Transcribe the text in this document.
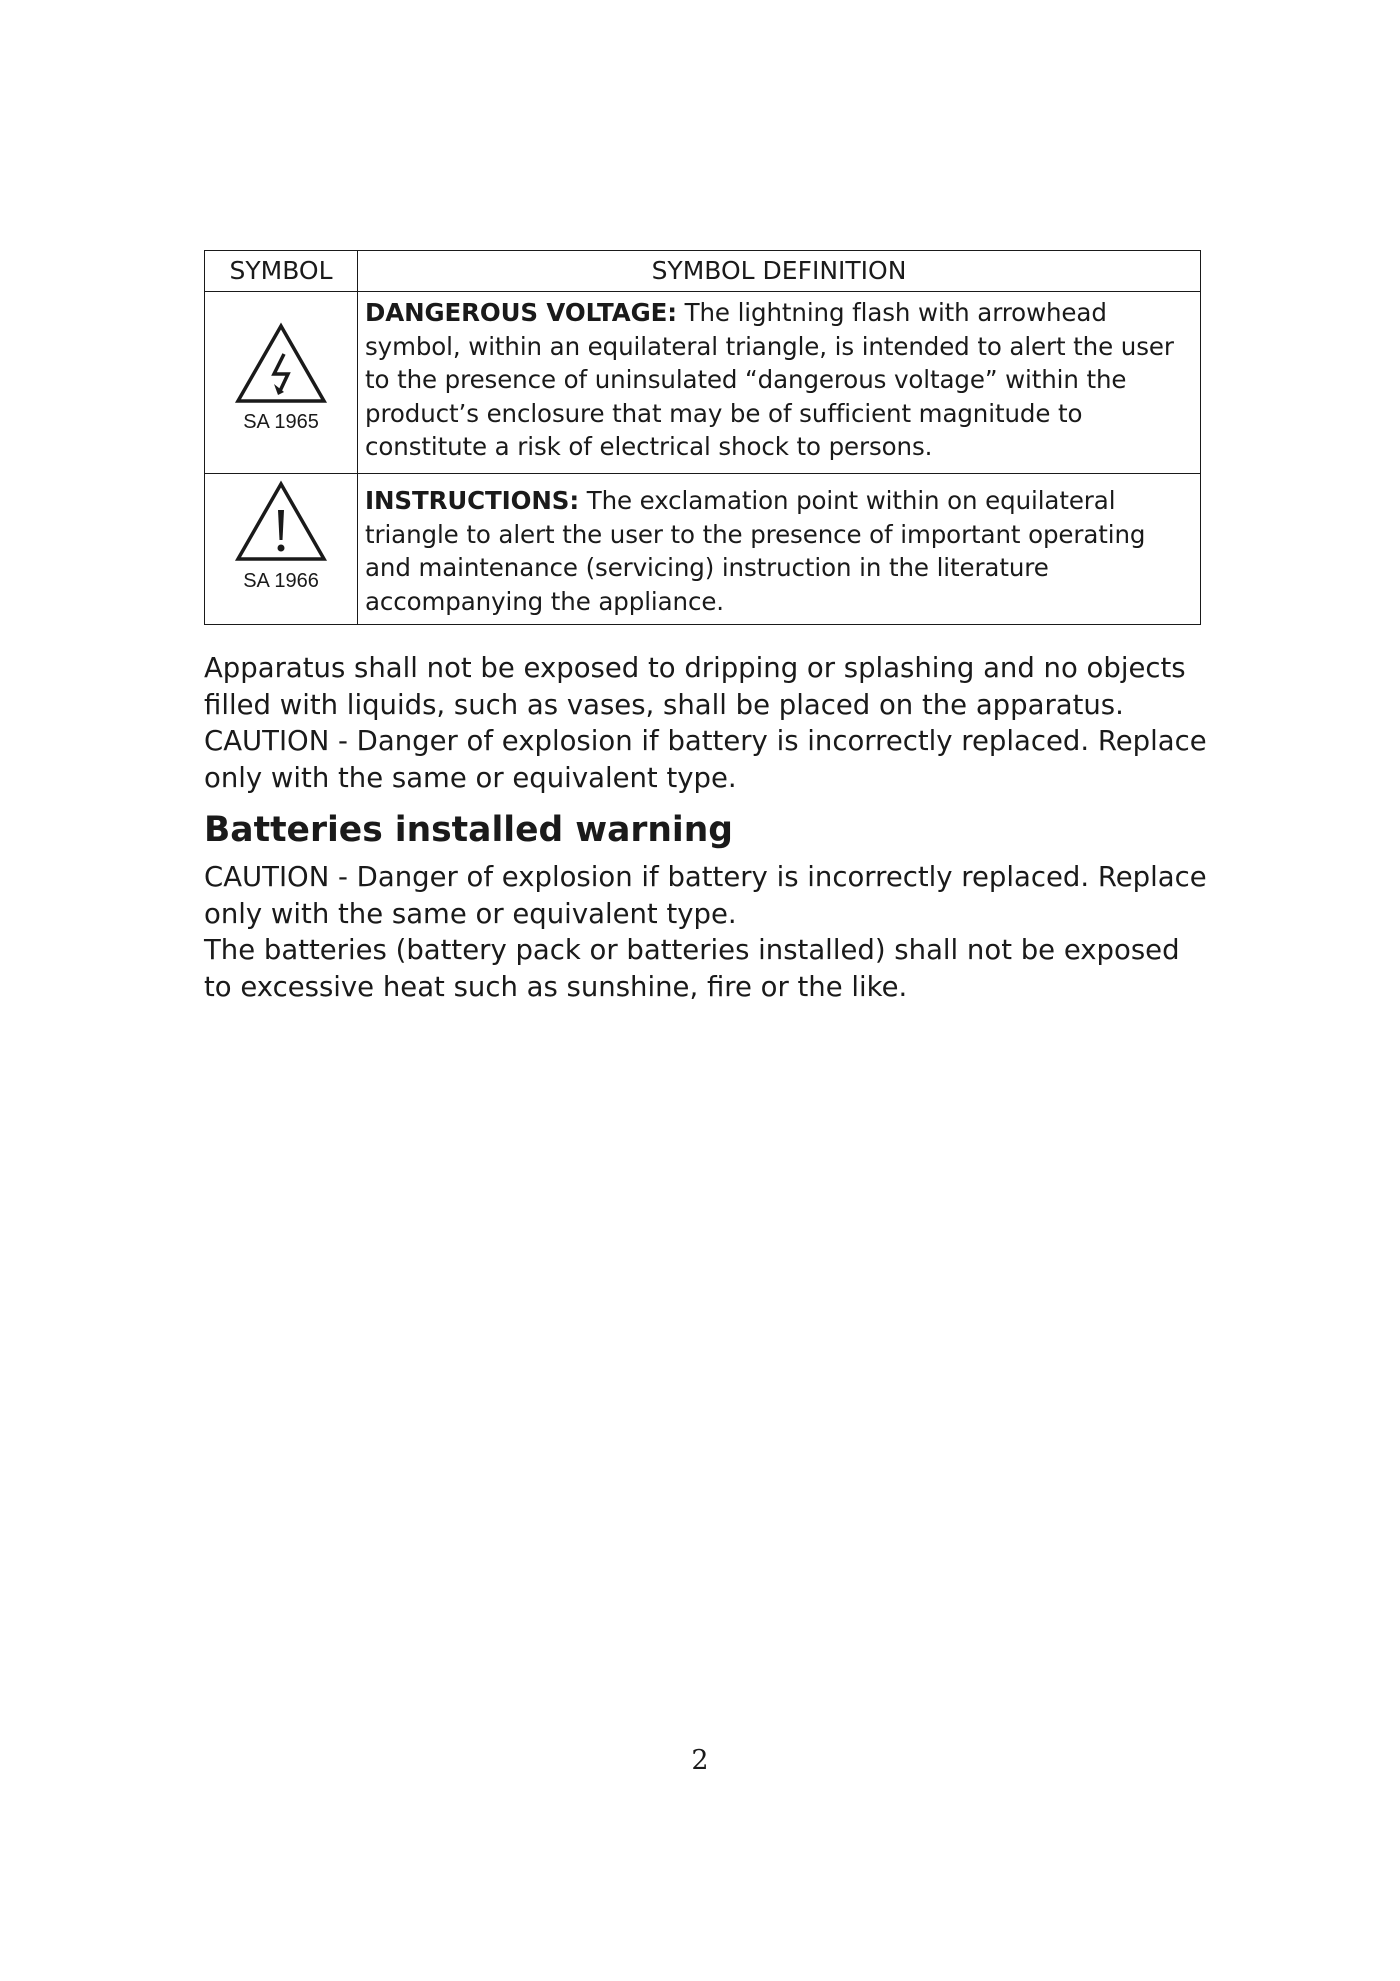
SYMBOL	SYMBOL DEFINITION

SA 1965	DANGEROUS VOLTAGE: The lightning flash with arrowhead symbol, within an equilateral triangle, is intended to alert the user to the presence of uninsulated “dangerous voltage” within the product’s enclosure that may be of sufficient magnitude to constitute a risk of electrical shock to persons.

SA 1966	INSTRUCTIONS: The exclamation point within on equilateral triangle to alert the user to the presence of important operating and maintenance (servicing) instruction in the literature accompanying the appliance.

Apparatus shall not be exposed to dripping or splashing and no objects filled with liquids, such as vases, shall be placed on the apparatus.

CAUTION - Danger of explosion if battery is incorrectly replaced. Replace only with the same or equivalent type.

Batteries installed warning

CAUTION - Danger of explosion if battery is incorrectly replaced. Replace only with the same or equivalent type.

The batteries (battery pack or batteries installed) shall not be exposed to excessive heat such as sunshine, fire or the like.

2
